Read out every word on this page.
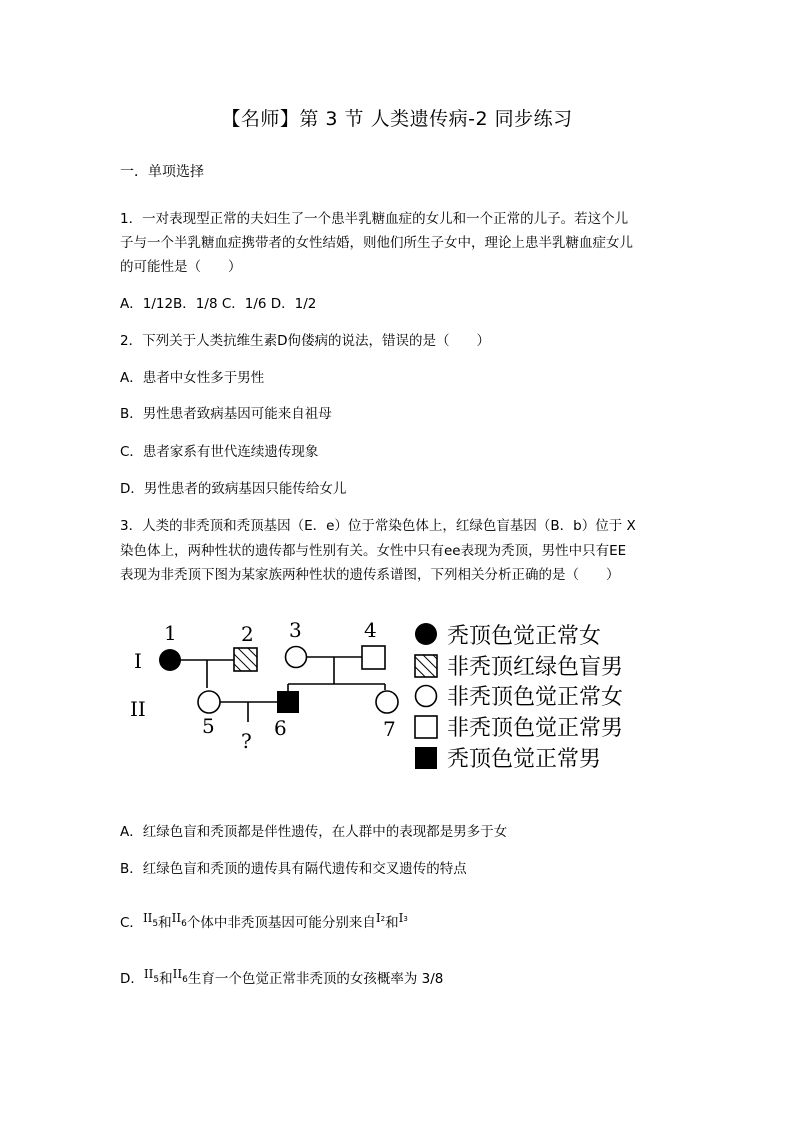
【名师】第 3 节 人类遗传病-2 同步练习
一．单项选择
1．一对表现型正常的夫妇生了一个患半乳糖血症的女儿和一个正常的儿子。若这个儿
子与一个半乳糖血症携带者的女性结婚，则他们所生子女中，理论上患半乳糖血症女儿
的可能性是（　　）
A．1/12B．1/8 C．1/6 D．1/2
2．下列关于人类抗维生素D佝偻病的说法，错误的是（　　）
A．患者中女性多于男性
B．男性患者致病基因可能来自祖母
C．患者家系有世代连续遗传现象
D．男性患者的致病基因只能传给女儿
3．人类的非秃顶和秃顶基因（E．e）位于常染色体上，红绿色盲基因（B．b）位于 X
染色体上，两种性状的遗传都与性别有关。女性中只有ee表现为秃顶，男性中只有EE
表现为非秃顶下图为某家族两种性状的遗传系谱图，下列相关分析正确的是（　　）
I
II
1	2 3	4
5	6	7
?
秃顶色觉正常女
非秃顶红绿色盲男
非秃顶色觉正常女
非秃顶色觉正常男
秃顶色觉正常男
A．红绿色盲和秃顶都是伴性遗传，在人群中的表现都是男多于女
B．红绿色盲和秃顶的遗传具有隔代遗传和交叉遗传的特点
C．II5和II6个体中非秃顶基因可能分别来自$I^2$和$I^3$
D．II5和II6生育一个色觉正常非秃顶的女孩概率为 3/8
